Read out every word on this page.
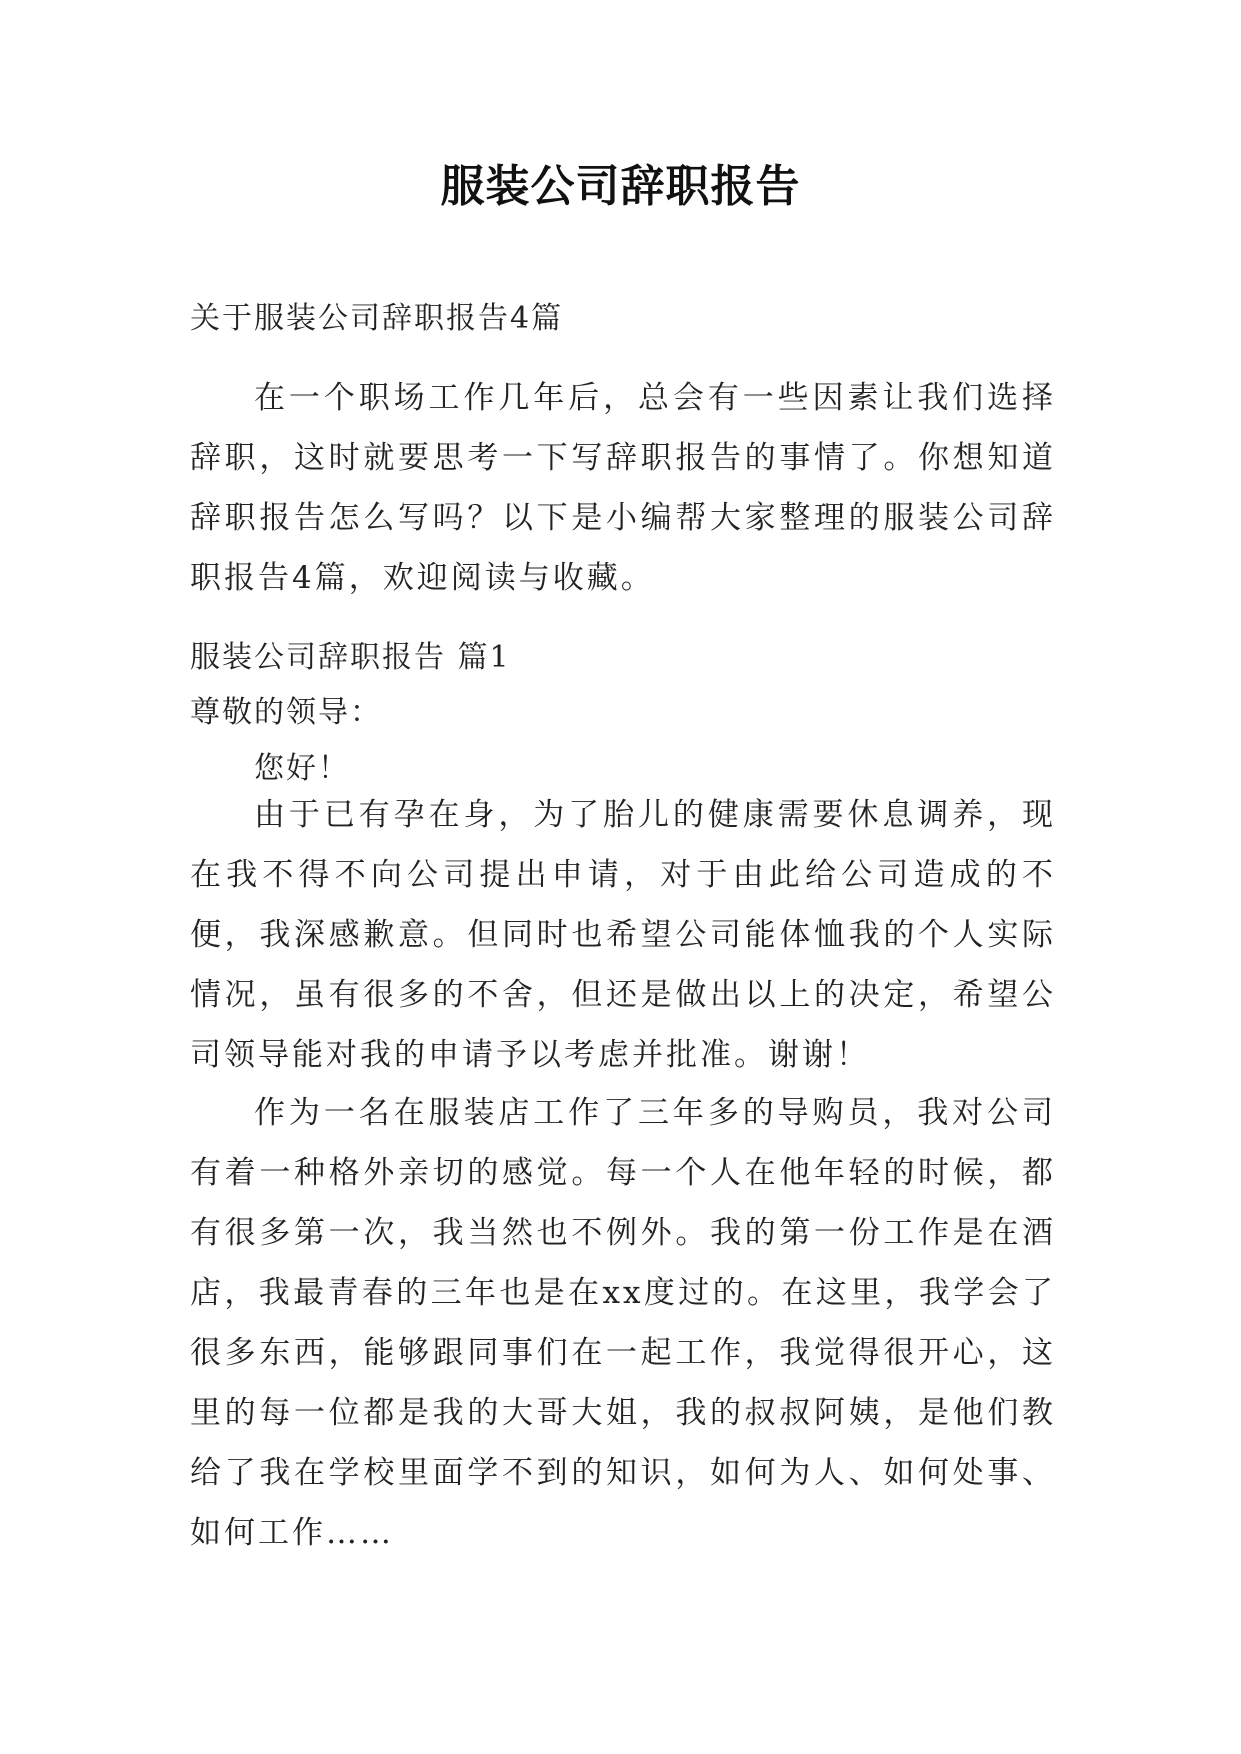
服装公司辞职报告
关于服装公司辞职报告4篇
在一个职场工作几年后，总会有一些因素让我们选择辞职，这时就要思考一下写辞职报告的事情了。你想知道辞职报告怎么写吗？以下是小编帮大家整理的服装公司辞职报告4篇，欢迎阅读与收藏。
服装公司辞职报告 篇1
尊敬的领导：
您好！
由于已有孕在身，为了胎儿的健康需要休息调养，现在我不得不向公司提出申请，对于由此给公司造成的不便，我深感歉意。但同时也希望公司能体恤我的个人实际情况，虽有很多的不舍，但还是做出以上的决定，希望公司领导能对我的申请予以考虑并批准。谢谢！
作为一名在服装店工作了三年多的导购员，我对公司有着一种格外亲切的感觉。每一个人在他年轻的时候，都有很多第一次，我当然也不例外。我的第一份工作是在酒店，我最青春的三年也是在xx度过的。在这里，我学会了很多东西，能够跟同事们在一起工作，我觉得很开心，这里的每一位都是我的大哥大姐，我的叔叔阿姨，是他们教给了我在学校里面学不到的知识，如何为人、如何处事、如何工作……
